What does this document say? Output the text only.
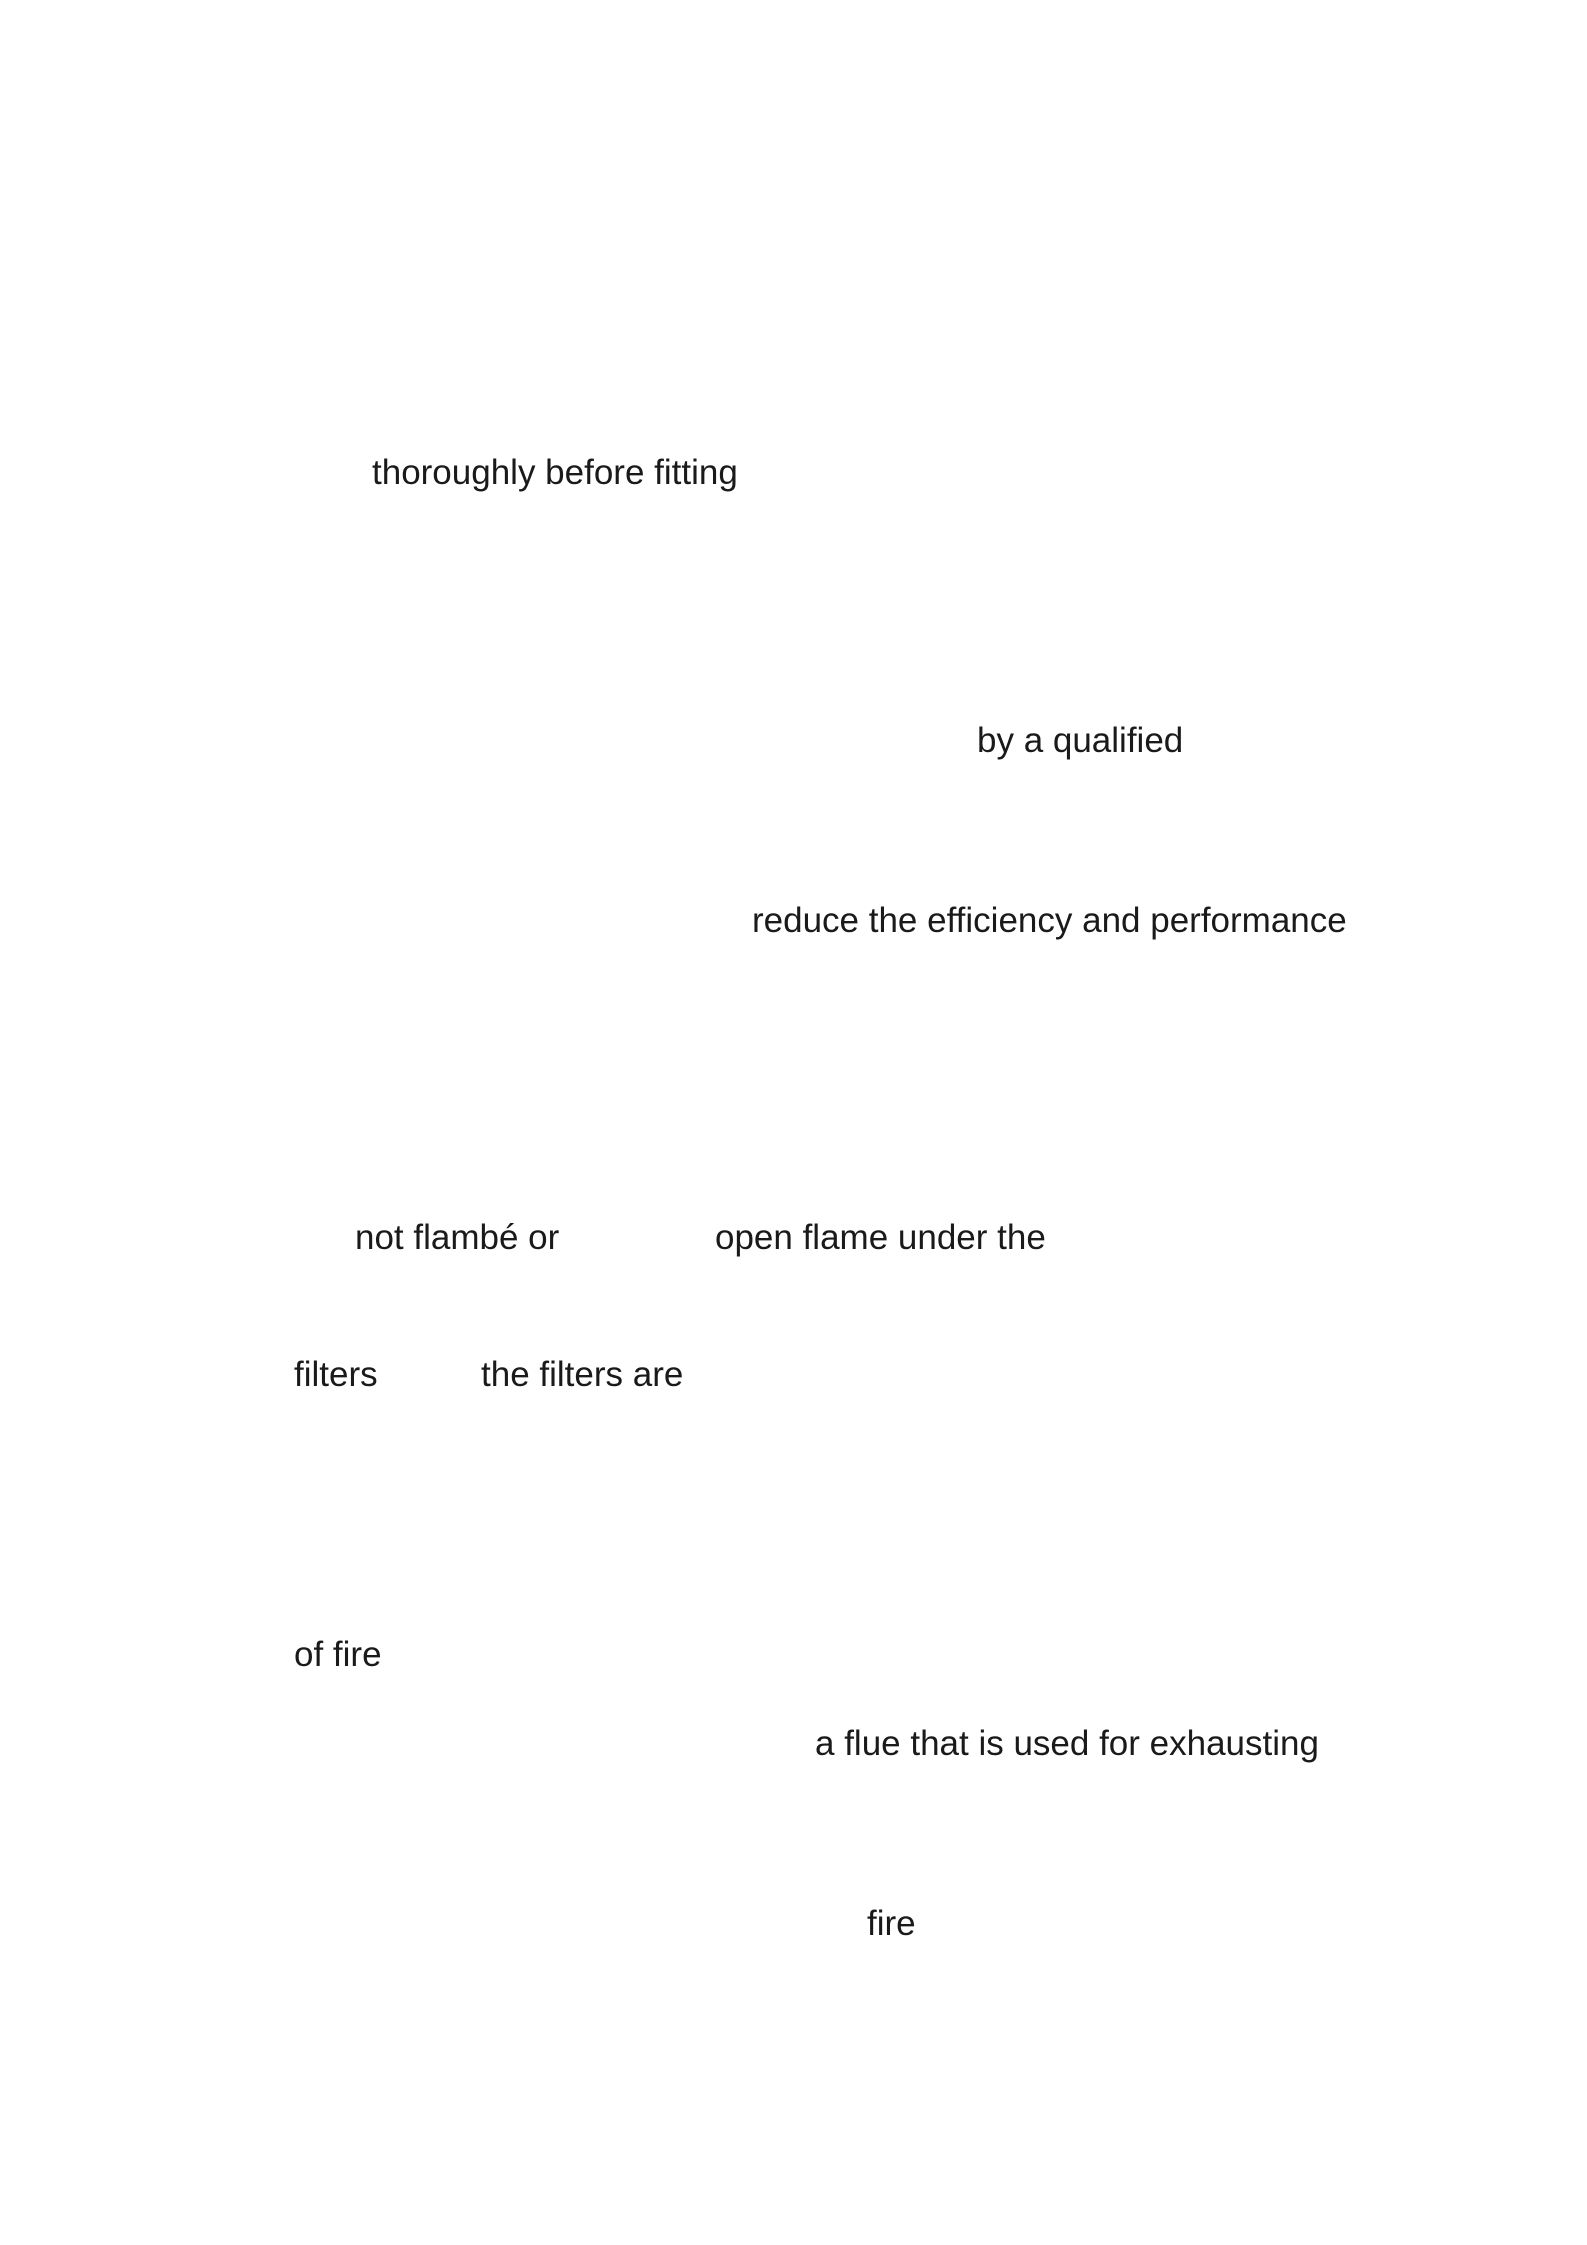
thoroughly before fitting

by a qualified

reduce the efficiency and performance

not flambé or	open flame under the

filters	the filters are

of fire

a flue that is used for exhausting

fire
